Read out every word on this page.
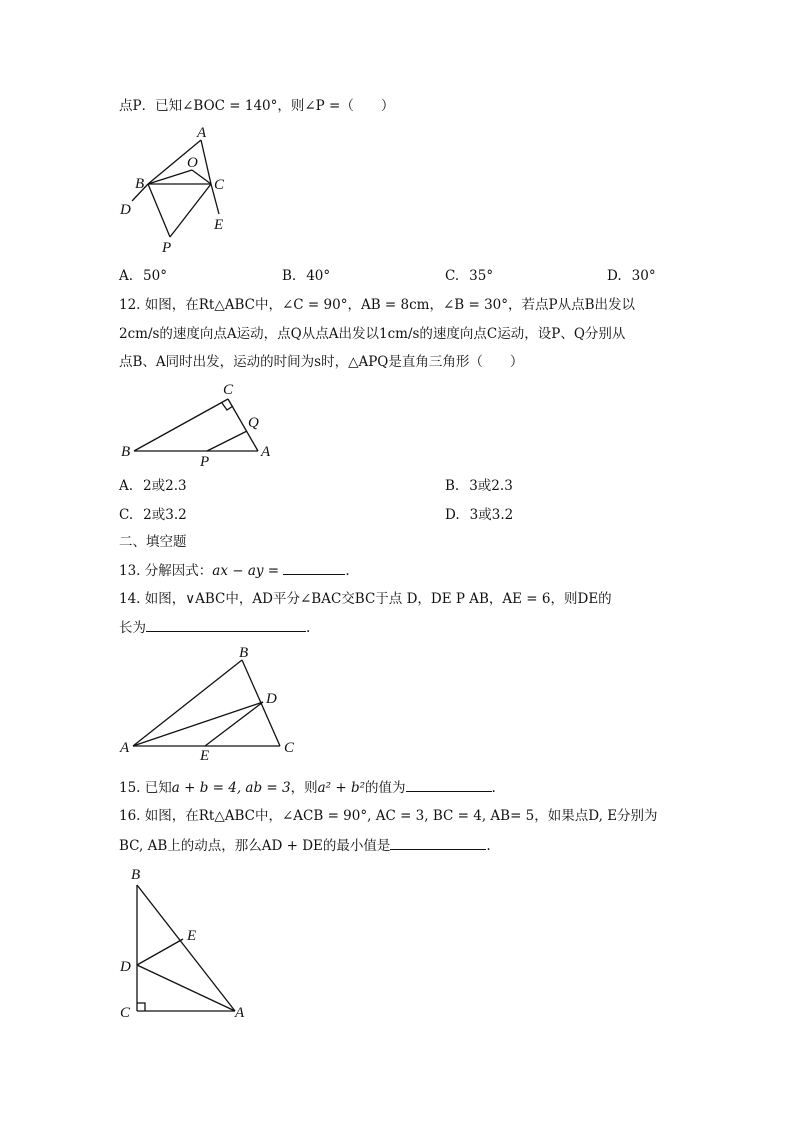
点P．已知∠BOC = 140°，则∠P =（　　）
A
O
B	C
D
E
P
A. 50°	B. 40°	C. 35°	D. 30°
12. 如图，在Rt△ABC中，∠C = 90°，AB = 8cm，∠B = 30°，若点P从点B出发以
2cm/s的速度向点A运动，点Q从点A出发以1cm/s的速度向点C运动，设P、Q分别从
点B、A同时出发，运动的时间为s时，△APQ是直角三角形（　　）
C
Q
B
P
A
A. 2或2.3	B. 3或2.3
C. 2或3.2	D. 3或3.2
二、填空题
13. 分解因式：ax − ay =	.
14. 如图，∨ABC中，AD平分∠BAC交BC于点 D，DE P AB，AE = 6，则DE的
长为	.
B
D
A	E	C
15. 已知a + b = 4, ab = 3，则a² + b²的值为	.
16. 如图，在Rt△ABC中，∠ACB = 90°, AC = 3, BC = 4, AB= 5，如果点D, E分别为
BC, AB上的动点，那么AD + DE的最小值是	.
B
E
D
C	A
